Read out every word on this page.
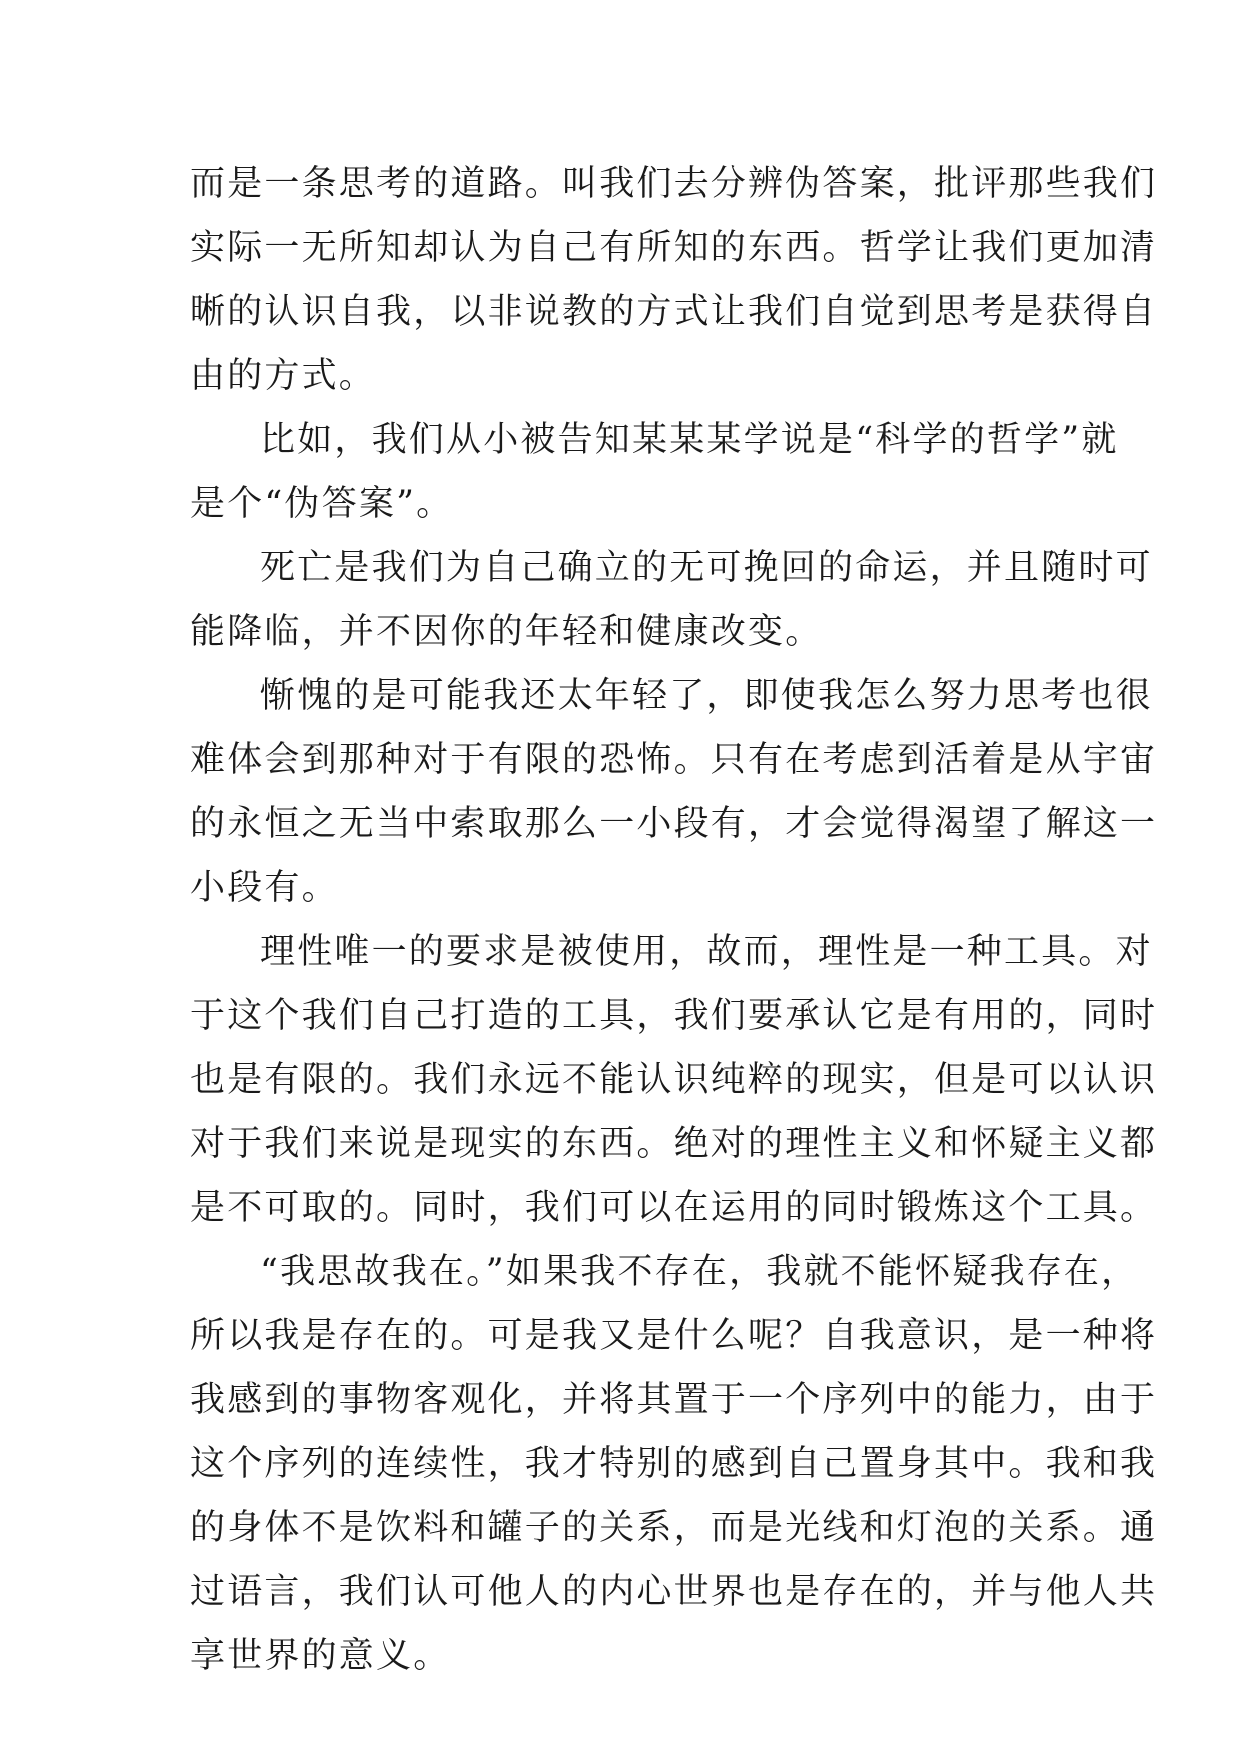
而是一条思考的道路。叫我们去分辨伪答案，批评那些我们
实际一无所知却认为自己有所知的东西。哲学让我们更加清
晰的认识自我，以非说教的方式让我们自觉到思考是获得自
由的方式。
比如，我们从小被告知某某某学说是“科学的哲学”就
是个“伪答案”。
死亡是我们为自己确立的无可挽回的命运，并且随时可
能降临，并不因你的年轻和健康改变。
惭愧的是可能我还太年轻了，即使我怎么努力思考也很
难体会到那种对于有限的恐怖。只有在考虑到活着是从宇宙
的永恒之无当中索取那么一小段有，才会觉得渴望了解这一
小段有。
理性唯一的要求是被使用，故而，理性是一种工具。对
于这个我们自己打造的工具，我们要承认它是有用的，同时
也是有限的。我们永远不能认识纯粹的现实，但是可以认识
对于我们来说是现实的东西。绝对的理性主义和怀疑主义都
是不可取的。同时，我们可以在运用的同时锻炼这个工具。
“我思故我在。”如果我不存在，我就不能怀疑我存在，
所以我是存在的。可是我又是什么呢？自我意识，是一种将
我感到的事物客观化，并将其置于一个序列中的能力，由于
这个序列的连续性，我才特别的感到自己置身其中。我和我
的身体不是饮料和罐子的关系，而是光线和灯泡的关系。通
过语言，我们认可他人的内心世界也是存在的，并与他人共
享世界的意义。
